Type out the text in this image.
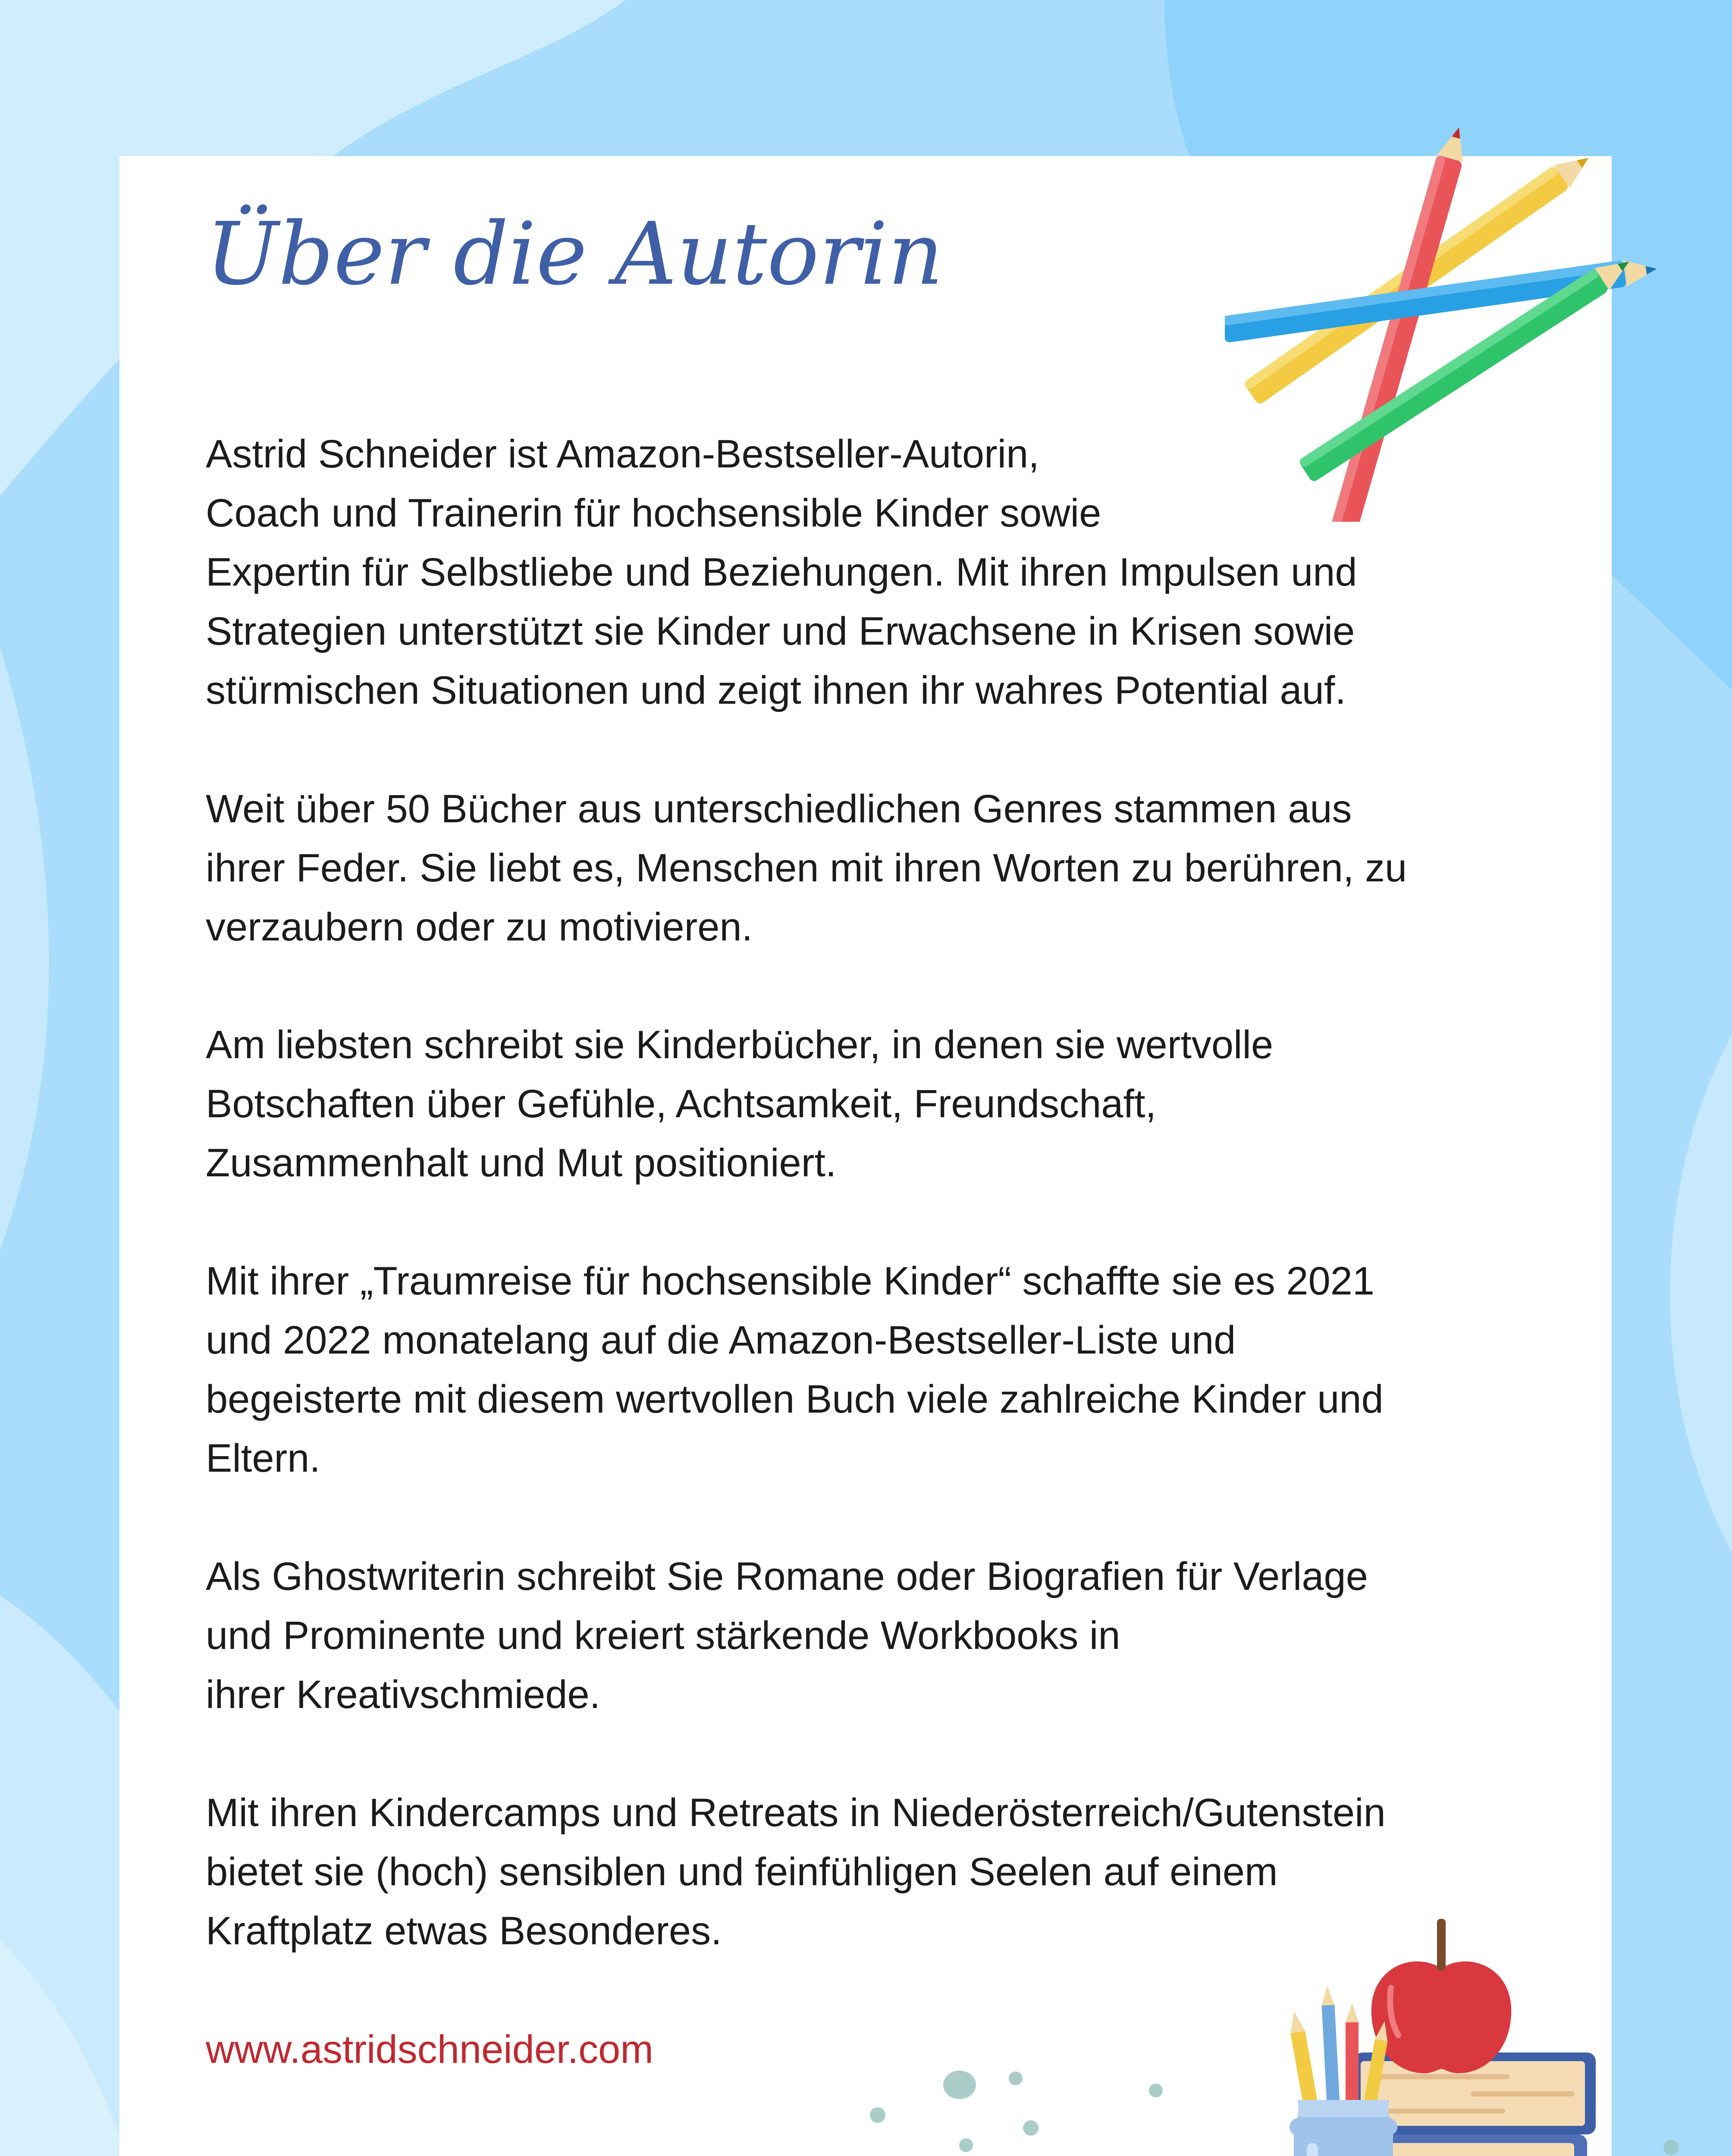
Über die Autorin

Astrid Schneider ist Amazon-Bestseller-Autorin,
Coach und Trainerin für hochsensible Kinder sowie
Expertin für Selbstliebe und Beziehungen. Mit ihren Impulsen und
Strategien unterstützt sie Kinder und Erwachsene in Krisen sowie
stürmischen Situationen und zeigt ihnen ihr wahres Potential auf.

Weit über 50 Bücher aus unterschiedlichen Genres stammen aus
ihrer Feder. Sie liebt es, Menschen mit ihren Worten zu berühren, zu
verzaubern oder zu motivieren.

Am liebsten schreibt sie Kinderbücher, in denen sie wertvolle
Botschaften über Gefühle, Achtsamkeit, Freundschaft,
Zusammenhalt und Mut positioniert.

Mit ihrer „Traumreise für hochsensible Kinder“ schaffte sie es 2021
und 2022 monatelang auf die Amazon-Bestseller-Liste und
begeisterte mit diesem wertvollen Buch viele zahlreiche Kinder und
Eltern.

Als Ghostwriterin schreibt Sie Romane oder Biografien für Verlage
und Prominente und kreiert stärkende Workbooks in
ihrer Kreativschmiede.

Mit ihren Kindercamps und Retreats in Niederösterreich/Gutenstein
bietet sie (hoch) sensiblen und feinfühligen Seelen auf einem
Kraftplatz etwas Besonderes.

www.astridschneider.com
